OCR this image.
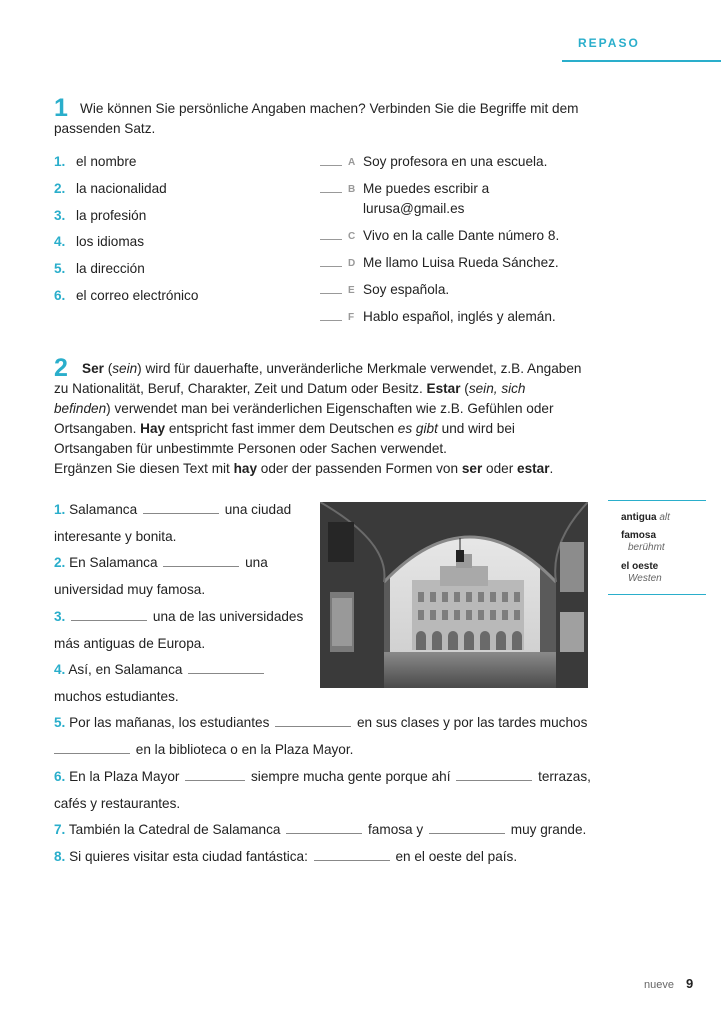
REPASO
1 Wie können Sie persönliche Angaben machen? Verbinden Sie die Begriffe mit dem passenden Satz.
1. el nombre
2. la nacionalidad
3. la profesión
4. los idiomas
5. la dirección
6. el correo electrónico
A Soy profesora en una escuela.
B Me puedes escribir a lurusa@gmail.es
C Vivo en la calle Dante número 8.
D Me llamo Luisa Rueda Sánchez.
E Soy española.
F Hablo español, inglés y alemán.
2	Ser (sein) wird für dauerhafte, unveränderliche Merkmale verwendet, z.B. Angaben zu Nationalität, Beruf, Charakter, Zeit und Datum oder Besitz. Estar (sein, sich befinden) verwendet man bei veränderlichen Eigenschaften wie z.B. Gefühlen oder Ortsangaben. Hay entspricht fast immer dem Deutschen es gibt und wird bei Ortsangaben für unbestimmte Personen oder Sachen verwendet.

Ergänzen Sie diesen Text mit hay oder der passenden Formen von ser oder estar.

1. Salamanca	una ciudad
interesante y bonita.
2. En Salamanca	una
universidad muy famosa.
3.	una de las universidades
más antiguas de Europa.
4. Así, en Salamanca
muchos estudiantes.
5. Por las mañanas, los estudiantes	en sus clases y por las tardes muchos
en la biblioteca o en la Plaza Mayor.
6. En la Plaza Mayor	siempre mucha gente porque ahí	terrazas,
cafés y restaurantes.
7. También la Catedral de Salamanca	famosa y	muy grande.
8. Si quieres visitar esta ciudad fantástica:	en el oeste del país.
antigua alt
famosa
berühmt
el oeste
Westen
nueve 9
